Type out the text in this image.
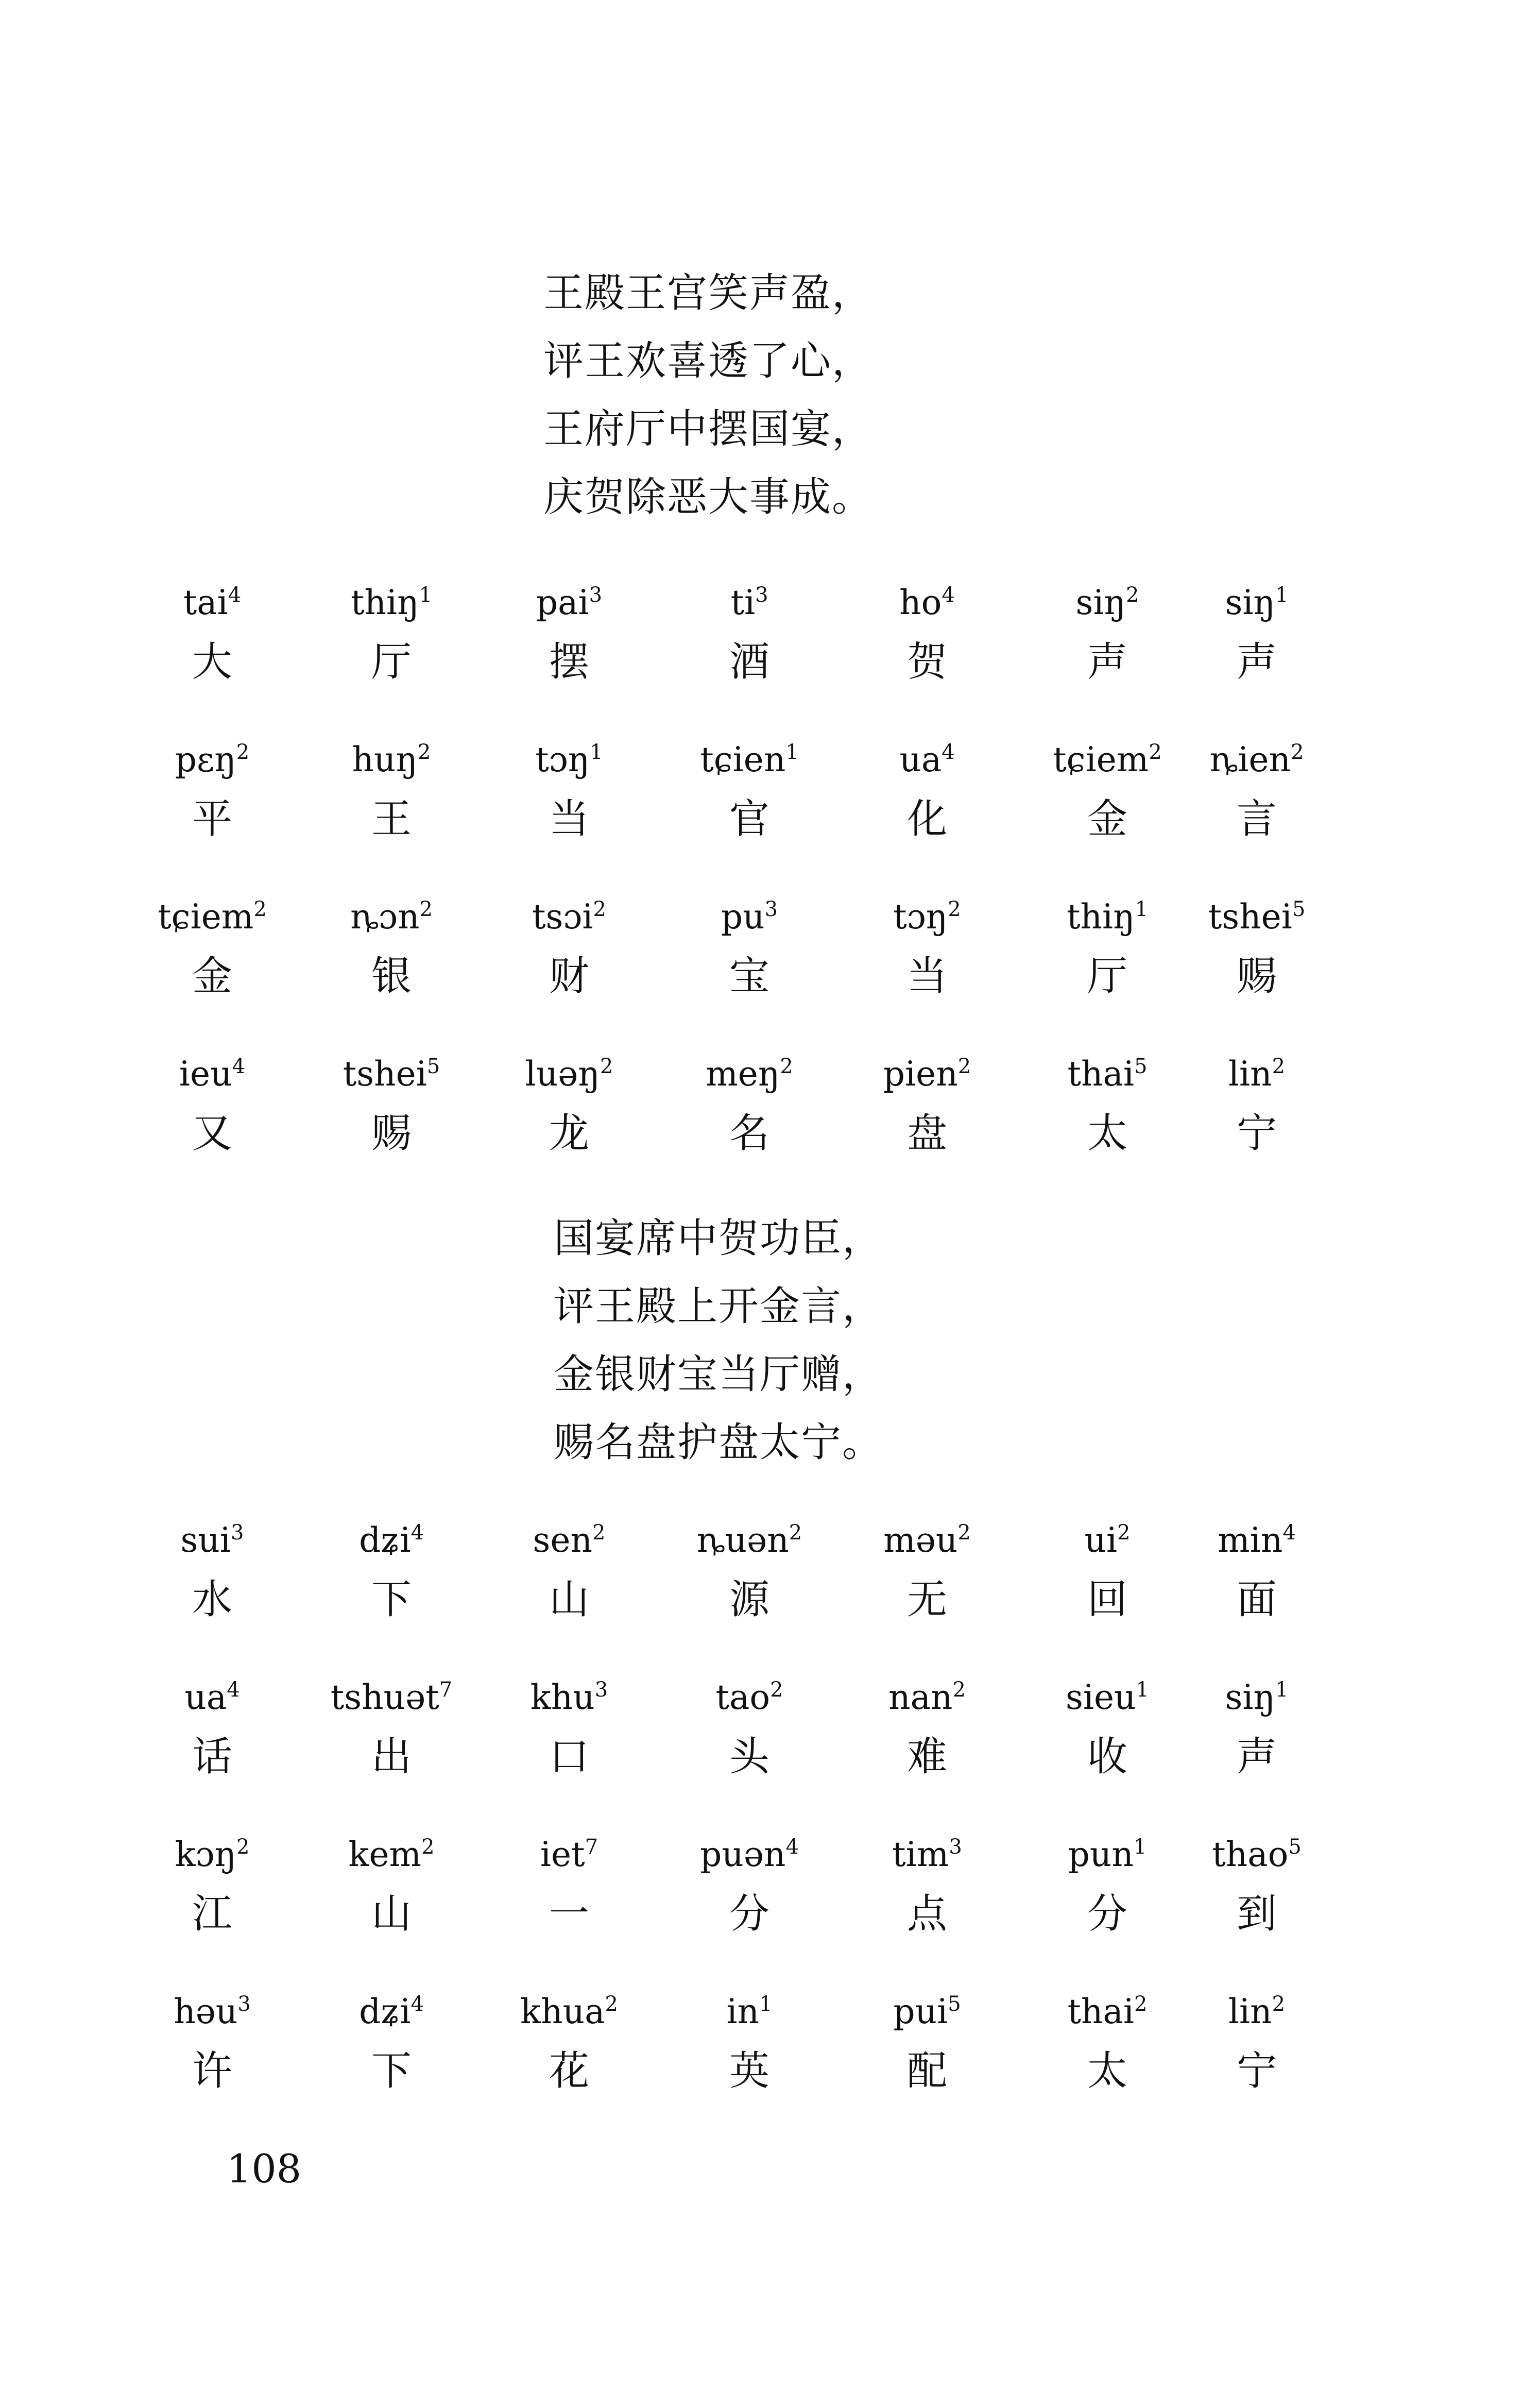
王殿王宫笑声盈，
评王欢喜透了心，
王府厅中摆国宴，
庆贺除恶大事成。
tai$^4$
大
thiŋ$^1$
厅
pai$^3$
摆
$ti^3$
酒
$ho^4$
贺
siŋ$^2$
声
siŋ$^1$
声
pɛŋ$^2$
平
huŋ$^2$
王
tɔŋ$^1$
当
tɕien$^1$
官
$ua^4$
化
tɕiem$^2$
金
ȵien$^2$
言
tɕiem$^2$
金
ȵɔn$^2$
银
tsɔi$^2$
财
$pu^3$
宝
tɔŋ$^2$
当
thiŋ$^1$
厅
tshei$^5$
赐
ieu$^4$
又
tshei$^5$
赐
luəŋ$^2$
龙
meŋ$^2$
名
pien$^2$
盘
thai$^5$
太
lin$^2$
宁
国宴席中贺功臣，
评王殿上开金言，
金银财宝当厅赠，
赐名盘护盘太宁。
sui$^3$
水
dʑi$^4$
下
sen$^2$
山
ȵuən$^2$
源
məu$^2$
无
$ui^2$
回
$\min^4$
面
$ua^4$
话
tshuət$^7$
出
khu$^3$
口
tao$^2$
头
nan$^2$
难
sieu$^1$
收
siŋ$^1$
声
kɔŋ$^2$
江
kem$^2$
山
iet$^7$
一
puən$^4$
分
tim$^3$
点
pun$^1$
分
thao$^5$
到
həu$^3$
许
dʑi$^4$
下
khua$^2$
花
$in^1$
英
pui$^5$
配
thai$^2$
太
lin$^2$
宁
108
